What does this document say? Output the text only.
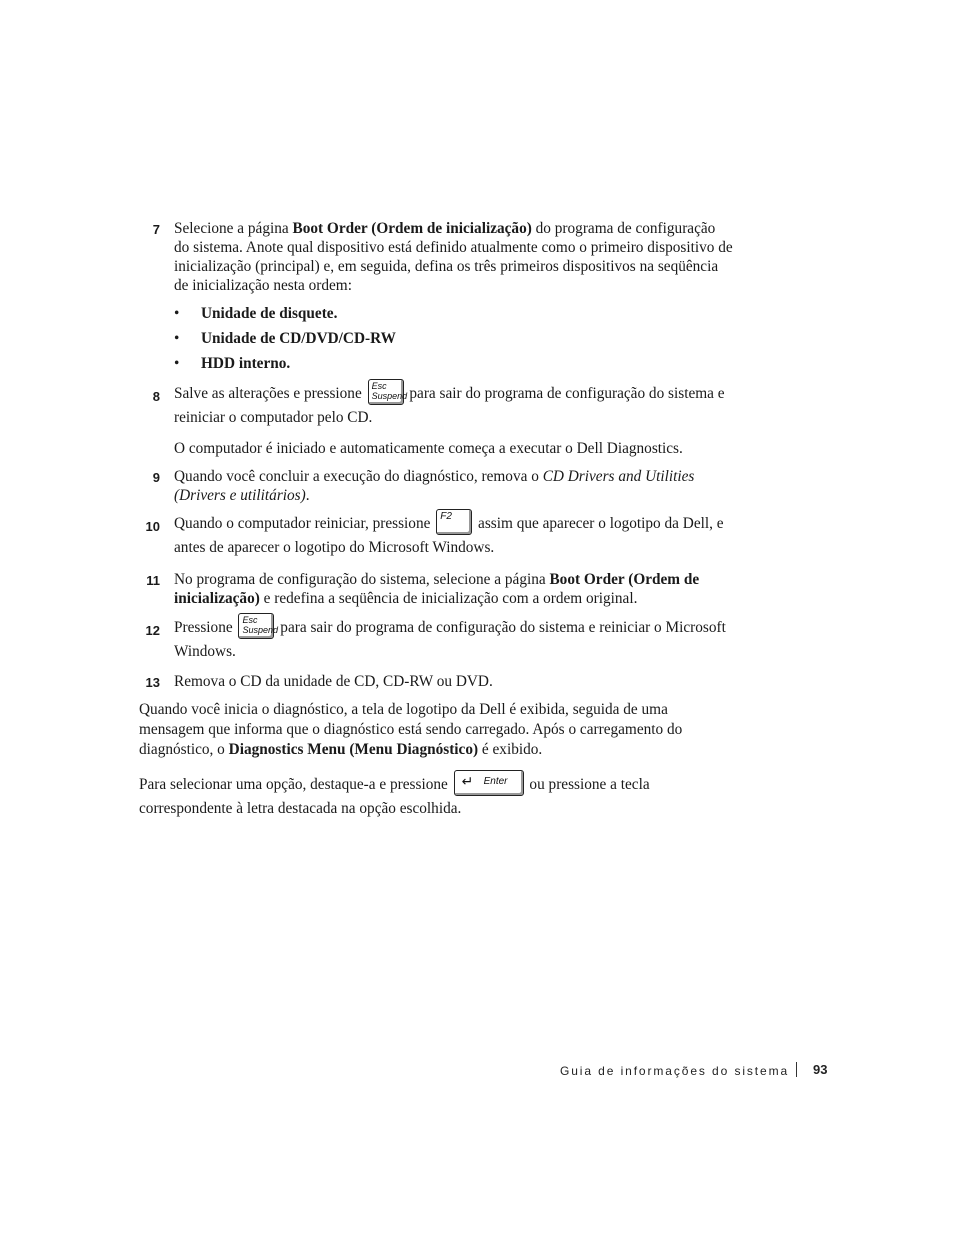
7 Selecione a página Boot Order (Ordem de inicialização) do programa de configuração do sistema. Anote qual dispositivo está definido atualmente como o primeiro dispositivo de inicialização (principal) e, em seguida, defina os três primeiros dispositivos na seqüência de inicialização nesta ordem:
• Unidade de disquete.
• Unidade de CD/DVD/CD-RW
• HDD interno.
8 Salve as alterações e pressione Esc
Suspend
para sair do programa de configuração do sistema e reiniciar o computador pelo CD.
O computador é iniciado e automaticamente começa a executar o Dell Diagnostics.
9 Quando você concluir a execução do diagnóstico, remova o CD Drivers and Utilities (Drivers e utilitários).
10 Quando o computador reiniciar, pressione F2 assim que aparecer o logotipo da Dell, e antes de aparecer o logotipo do Microsoft Windows.
11 No programa de configuração do sistema, selecione a página Boot Order (Ordem de inicialização) e redefina a seqüência de inicialização com a ordem original.
12 Pressione Esc
Suspend
para sair do programa de configuração do sistema e reiniciar o Microsoft Windows.
13 Remova o CD da unidade de CD, CD-RW ou DVD.
Quando você inicia o diagnóstico, a tela de logotipo da Dell é exibida, seguida de uma mensagem que informa que o diagnóstico está sendo carregado. Após o carregamento do diagnóstico, o Diagnostics Menu (Menu Diagnóstico) é exibido.
Para selecionar uma opção, destaque-a e pressione ↵ Enter ou pressione a tecla correspondente à letra destacada na opção escolhida.
Guia de informações do sistema 93
